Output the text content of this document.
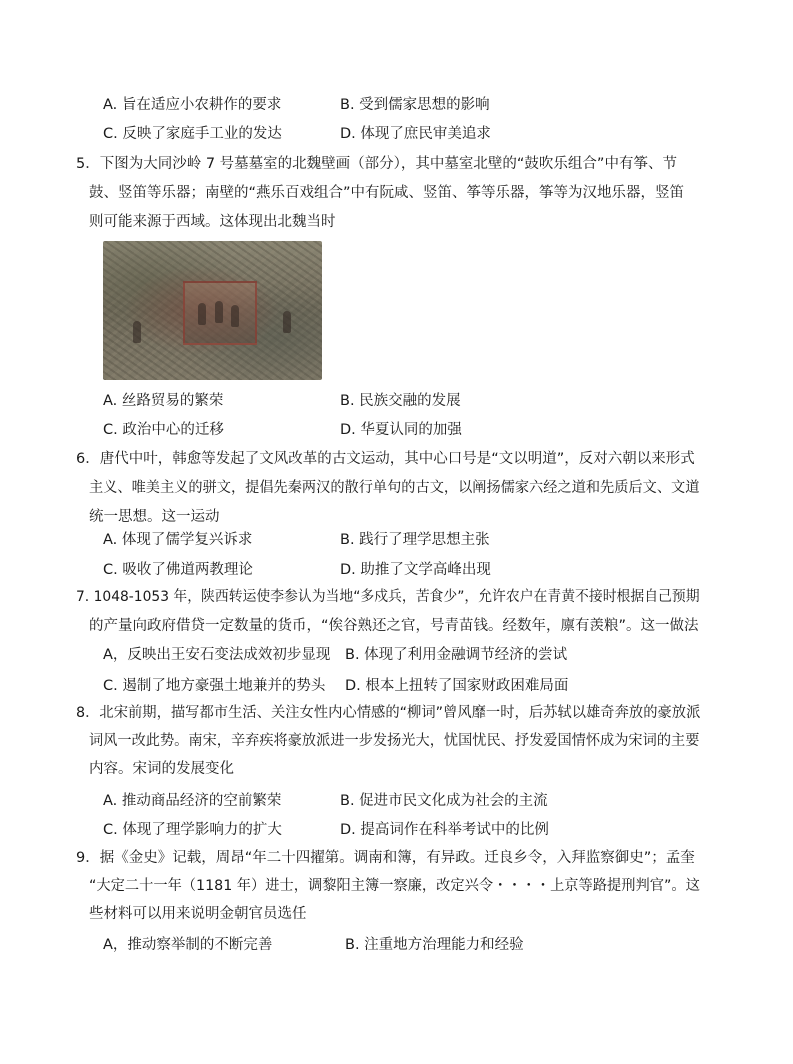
A. 旨在适应小农耕作的要求	B. 受到儒家思想的影响
C. 反映了家庭手工业的发达	D. 体现了庶民审美追求
5．下图为大同沙岭 7 号墓墓室的北魏壁画（部分），其中墓室北壁的“鼓吹乐组合”中有筝、节
鼓、竖笛等乐器；南壁的“燕乐百戏组合”中有阮咸、竖笛、筝等乐器，筝等为汉地乐器，竖笛
则可能来源于西域。这体现出北魏当时
A. 丝路贸易的繁荣	B. 民族交融的发展
C. 政治中心的迁移	D. 华夏认同的加强
6．唐代中叶，韩愈等发起了文风改革的古文运动，其中心口号是“文以明道”，反对六朝以来形式
主义、唯美主义的骈文，提倡先秦两汉的散行单句的古文，以阐扬儒家六经之道和先质后文、文道
统一思想。这一运动
A. 体现了儒学复兴诉求	B. 践行了理学思想主张
C. 吸收了佛道两教理论	D. 助推了文学高峰出现
7. 1048-1053 年，陕西转运使李参认为当地“多戍兵，苦食少”，允许农户在青黄不接时根据自己预期
的产量向政府借贷一定数量的货币，“俟谷熟还之官，号青苗钱。经数年，廪有羡粮”。这一做法
A，反映出王安石变法成效初步显现 B. 体现了利用金融调节经济的尝试
C. 遏制了地方豪强土地兼并的势头 D. 根本上扭转了国家财政困难局面
8．北宋前期，描写都市生活、关注女性内心情感的“柳词”曾风靡一时，后苏轼以雄奇奔放的豪放派
词风一改此势。南宋，辛弃疾将豪放派进一步发扬光大，忧国忧民、抒发爱国情怀成为宋词的主要
内容。宋词的发展变化
A. 推动商品经济的空前繁荣	B. 促进市民文化成为社会的主流
C. 体现了理学影响力的扩大	D. 提高词作在科举考试中的比例
9．据《金史》记载，周昂“年二十四擢第。调南和簿，有异政。迁良乡令，入拜监察御史”；孟奎
“大定二十一年（1181 年）进士，调黎阳主簿一察廉，改定兴令・・・・上京等路提刑判官”。这
些材料可以用来说明金朝官员选任
A，推动察举制的不断完善	B. 注重地方治理能力和经验
